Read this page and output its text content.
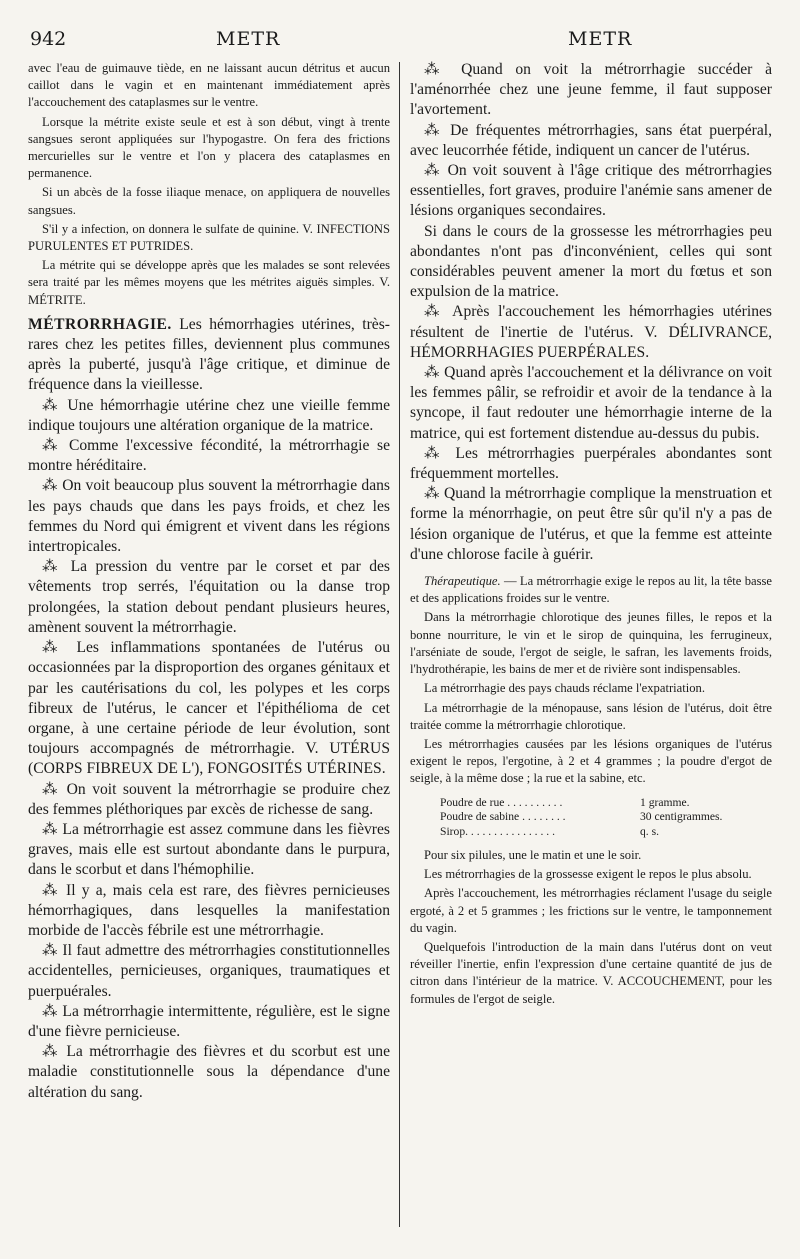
942	METR	METR

avec l'eau de guimauve tiède, en ne laissant aucun détritus et aucun caillot dans le vagin et en maintenant immédiatement après l'accouchement des cataplasmes sur le ventre.

Lorsque la métrite existe seule et est à son début, vingt à trente sangsues seront appliquées sur l'hypogastre. On fera des frictions mercurielles sur le ventre et l'on y placera des cataplasmes en permanence.

Si un abcès de la fosse iliaque menace, on appliquera de nouvelles sangsues.

S'il y a infection, on donnera le sulfate de quinine. V. INFECTIONS PURULENTES ET PUTRIDES.

La métrite qui se développe après que les malades se sont relevées sera traité par les mêmes moyens que les métrites aiguës simples. V. MÉTRITE.

MÉTRORRHAGIE. Les hémorrhagies utérines, très-rares chez les petites filles, deviennent plus communes après la puberté, jusqu'à l'âge critique, et diminue de fréquence dans la vieillesse.

⁂ Une hémorrhagie utérine chez une vieille femme indique toujours une altération organique de la matrice.

⁂ Comme l'excessive fécondité, la métrorrhagie se montre héréditaire.

⁂ On voit beaucoup plus souvent la métrorrhagie dans les pays chauds que dans les pays froids, et chez les femmes du Nord qui émigrent et vivent dans les régions intertropicales.

⁂ La pression du ventre par le corset et par des vêtements trop serrés, l'équitation ou la danse trop prolongées, la station debout pendant plusieurs heures, amènent souvent la métrorrhagie.

⁂ Les inflammations spontanées de l'utérus ou occasionnées par la disproportion des organes génitaux et par les cautérisations du col, les polypes et les corps fibreux de l'utérus, le cancer et l'épithélioma de cet organe, à une certaine période de leur évolution, sont toujours accompagnés de métrorrhagie. V. UTÉRUS (CORPS FIBREUX DE L'), FONGOSITÉS UTÉRINES.

⁂ On voit souvent la métrorrhagie se produire chez des femmes pléthoriques par excès de richesse de sang.

⁂ La métrorrhagie est assez commune dans les fièvres graves, mais elle est surtout abondante dans le purpura, dans le scorbut et dans l'hémophilie.

⁂ Il y a, mais cela est rare, des fièvres pernicieuses hémorrhagiques, dans lesquelles la manifestation morbide de l'accès fébrile est une métrorrhagie.

⁂ Il faut admettre des métrorrhagies constitutionnelles accidentelles, pernicieuses, organiques, traumatiques et puerpuérales.

⁂ La métrorrhagie intermittente, régulière, est le signe d'une fièvre pernicieuse.

⁂ La métrorrhagie des fièvres et du scorbut est une maladie constitutionnelle sous la dépendance d'une altération du sang.

⁂ Quand on voit la métrorrhagie succéder à l'aménorrhée chez une jeune femme, il faut supposer l'avortement.

⁂ De fréquentes métrorrhagies, sans état puerpéral, avec leucorrhée fétide, indiquent un cancer de l'utérus.

⁂ On voit souvent à l'âge critique des métrorrhagies essentielles, fort graves, produire l'anémie sans amener de lésions organiques secondaires.

Si dans le cours de la grossesse les métrorrhagies peu abondantes n'ont pas d'inconvénient, celles qui sont considérables peuvent amener la mort du fœtus et son expulsion de la matrice.

⁂ Après l'accouchement les hémorrhagies utérines résultent de l'inertie de l'utérus. V. DÉLIVRANCE, HÉMORRHAGIES PUERPÉRALES.

⁂ Quand après l'accouchement et la délivrance on voit les femmes pâlir, se refroidir et avoir de la tendance à la syncope, il faut redouter une hémorrhagie interne de la matrice, qui est fortement distendue au-dessus du pubis.

⁂ Les métrorrhagies puerpérales abondantes sont fréquemment mortelles.

⁂ Quand la métrorrhagie complique la menstruation et forme la ménorrhagie, on peut être sûr qu'il n'y a pas de lésion organique de l'utérus, et que la femme est atteinte d'une chlorose facile à guérir.

Thérapeutique. — La métrorrhagie exige le repos au lit, la tête basse et des applications froides sur le ventre.

Dans la métrorrhagie chlorotique des jeunes filles, le repos et la bonne nourriture, le vin et le sirop de quinquina, les ferrugineux, l'arséniate de soude, l'ergot de seigle, le safran, les lavements froids, l'hydrothérapie, les bains de mer et de rivière sont indispensables.

La métrorrhagie des pays chauds réclame l'expatriation.

La métrorrhagie de la ménopause, sans lésion de l'utérus, doit être traitée comme la métrorrhagie chlorotique.

Les métrorrhagies causées par les lésions organiques de l'utérus exigent le repos, l'ergotine, à 2 et 4 grammes ; la poudre d'ergot de seigle, à la même dose ; la rue et la sabine, etc.

Poudre de rue . . . . . . . . . .	1 gramme.
Poudre de sabine . . . . . . . .	30 centigrammes.
Sirop. . . . . . . . . . . . . . . .	q. s.

Pour six pilules, une le matin et une le soir.

Les métrorrhagies de la grossesse exigent le repos le plus absolu.

Après l'accouchement, les métrorrhagies réclament l'usage du seigle ergoté, à 2 et 5 grammes ; les frictions sur le ventre, le tamponnement du vagin.

Quelquefois l'introduction de la main dans l'utérus dont on veut réveiller l'inertie, enfin l'expression d'une certaine quantité de jus de citron dans l'intérieur de la matrice. V. ACCOUCHEMENT, pour les formules de l'ergot de seigle.
